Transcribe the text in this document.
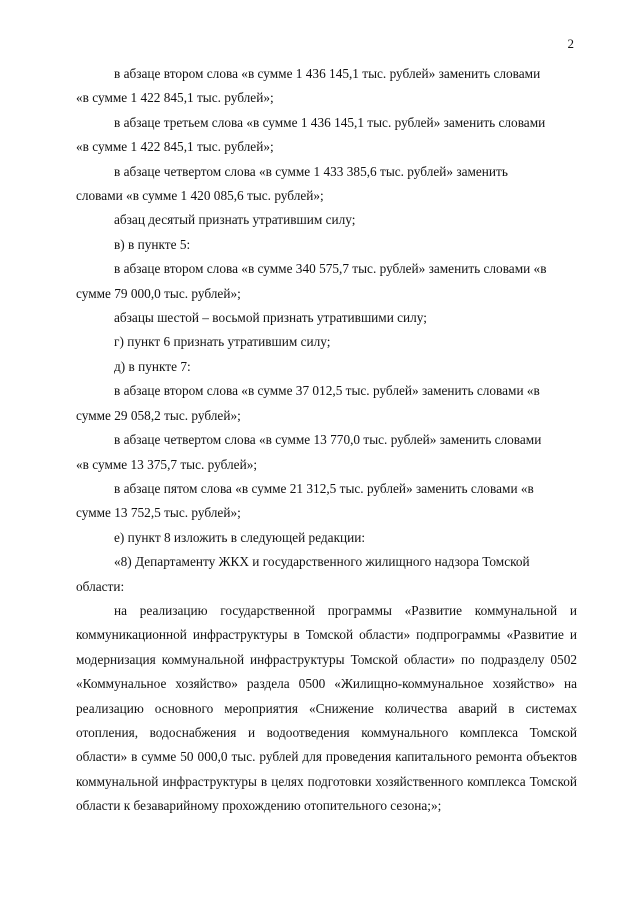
2

в абзаце втором слова «в сумме 1 436 145,1 тыс. рублей» заменить словами
«в сумме 1 422 845,1 тыс. рублей»;

в абзаце третьем слова «в сумме 1 436 145,1 тыс. рублей» заменить словами
«в сумме 1 422 845,1 тыс. рублей»;

в абзаце четвертом слова «в сумме 1 433 385,6 тыс. рублей» заменить
словами «в сумме 1 420 085,6 тыс. рублей»;

абзац десятый признать утратившим силу;

в) в пункте 5:

в абзаце втором слова «в сумме 340 575,7 тыс. рублей» заменить словами «в
сумме 79 000,0 тыс. рублей»;

абзацы шестой – восьмой признать утратившими силу;

г) пункт 6 признать утратившим силу;

д) в пункте 7:

в абзаце втором слова «в сумме 37 012,5 тыс. рублей» заменить словами «в
сумме 29 058,2 тыс. рублей»;

в абзаце четвертом слова «в сумме 13 770,0 тыс. рублей» заменить словами
«в сумме 13 375,7 тыс. рублей»;

в абзаце пятом слова «в сумме 21 312,5 тыс. рублей» заменить словами «в
сумме 13 752,5 тыс. рублей»;

е) пункт 8 изложить в следующей редакции:

«8) Департаменту ЖКХ и государственного жилищного надзора Томской
области:

на реализацию государственной программы «Развитие коммунальной и коммуникационной инфраструктуры в Томской области» подпрограммы «Развитие и модернизация коммунальной инфраструктуры Томской области» по подразделу 0502 «Коммунальное хозяйство» раздела 0500 «Жилищно-коммунальное хозяйство» на реализацию основного мероприятия «Снижение количества аварий в системах отопления, водоснабжения и водоотведения коммунального комплекса Томской области» в сумме 50 000,0 тыс. рублей для проведения капитального ремонта объектов коммунальной инфраструктуры в целях подготовки хозяйственного комплекса Томской области к безаварийному прохождению отопительного сезона;»;
